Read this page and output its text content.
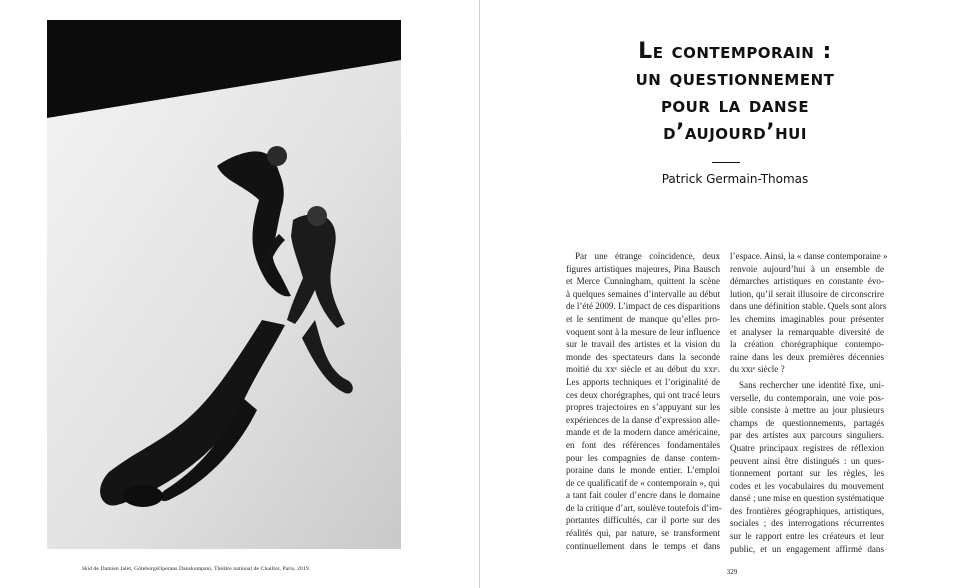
Skid de Damien Jalet, GöteborgsOperans Danskompani, Théâtre national de Chaillot, Paris, 2019.
Le contemporain :
un questionnement
pour la danse
d’aujourd’hui
Patrick Germain-Thomas
Par une étrange coïncidence, deux
figures artistiques majeures, Pina Bausch
et Merce Cunningham, quittent la scène
à quelques semaines d’intervalle au début
de l’été 2009. L’impact de ces disparitions
et le sentiment de manque qu’elles pro-
voquent sont à la mesure de leur influence
sur le travail des artistes et la vision du
monde des spectateurs dans la seconde
moitié du xxᵉ siècle et au début du xxıᵉ.
Les apports techniques et l’originalité de
ces deux chorégraphes, qui ont tracé leurs
propres trajectoires en s’appuyant sur les
expériences de la danse d’expression alle-
mande et de la modern dance américaine,
en font des références fondamentales
pour les compagnies de danse contem-
poraine dans le monde entier. L’emploi
de ce qualificatif de « contemporain », qui
a tant fait couler d’encre dans le domaine
de la critique d’art, soulève toutefois d’im-
portantes difficultés, car il porte sur des
réalités qui, par nature, se transforment
continuellement dans le temps et dans
l’espace. Ainsi, la « danse contemporaine »
renvoie aujourd’hui à un ensemble de
démarches artistiques en constante évo-
lution, qu’il serait illusoire de circonscrire
dans une définition stable. Quels sont alors
les chemins imaginables pour présenter
et analyser la remarquable diversité de
la création chorégraphique contempo-
raine dans les deux premières décennies
du xxıᵉ siècle ?
Sans rechercher une identité fixe, uni-
verselle, du contemporain, une voie pos-
sible consiste à mettre au jour plusieurs
champs de questionnements, partagés
par des artistes aux parcours singuliers.
Quatre principaux registres de réflexion
peuvent ainsi être distingués : un ques-
tionnement portant sur les règles, les
codes et les vocabulaires du mouvement
dansé ; une mise en question systématique
des frontières géographiques, artistiques,
sociales ; des interrogations récurrentes
sur le rapport entre les créateurs et leur
public, et un engagement affirmé dans
329
